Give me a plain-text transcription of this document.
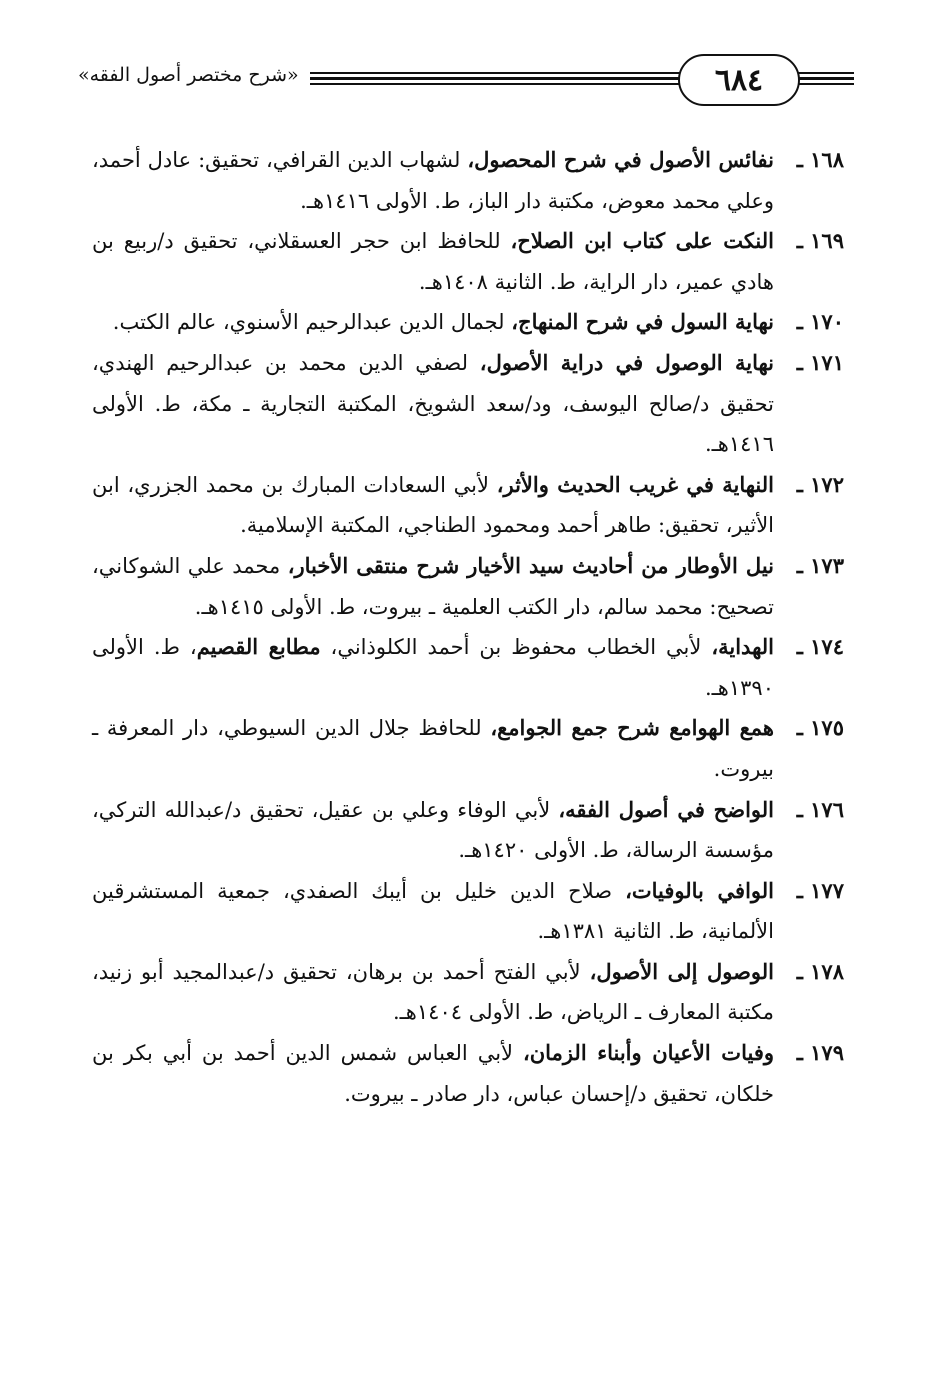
«شرح مختصر أصول الفقه»	٦٨٤
١٦٨ ـ
نفائس الأصول في شرح المحصول، لشهاب الدين القرافي، تحقيق: عادل أحمد، وعلي محمد معوض، مكتبة دار الباز، ط. الأولى ١٤١٦هـ.
١٦٩ ـ
النكت على كتاب ابن الصلاح، للحافظ ابن حجر العسقلاني، تحقيق د/ربيع بن هادي عمير، دار الراية، ط. الثانية ١٤٠٨هـ.
١٧٠ ـ
نهاية السول في شرح المنهاج، لجمال الدين عبدالرحيم الأسنوي، عالم الكتب.
١٧١ ـ
نهاية الوصول في دراية الأصول، لصفي الدين محمد بن عبدالرحيم الهندي، تحقيق د/صالح اليوسف، ود/سعد الشويخ، المكتبة التجارية ـ مكة، ط. الأولى ١٤١٦هـ.
١٧٢ ـ
النهاية في غريب الحديث والأثر، لأبي السعادات المبارك بن محمد الجزري، ابن الأثير، تحقيق: طاهر أحمد ومحمود الطناجي، المكتبة الإسلامية.
١٧٣ ـ
نيل الأوطار من أحاديث سيد الأخيار شرح منتقى الأخبار، محمد علي الشوكاني، تصحيح: محمد سالم، دار الكتب العلمية ـ بيروت، ط. الأولى ١٤١٥هـ.
١٧٤ ـ
الهداية، لأبي الخطاب محفوظ بن أحمد الكلوذاني، مطابع القصيم، ط. الأولى ١٣٩٠هـ.
١٧٥ ـ
همع الهوامع شرح جمع الجوامع، للحافظ جلال الدين السيوطي، دار المعرفة ـ بيروت.
١٧٦ ـ
الواضح في أصول الفقه، لأبي الوفاء وعلي بن عقيل، تحقيق د/عبدالله التركي، مؤسسة الرسالة، ط. الأولى ١٤٢٠هـ.
١٧٧ ـ
الوافي بالوفيات، صلاح الدين خليل بن أيبك الصفدي، جمعية المستشرقين الألمانية، ط. الثانية ١٣٨١هـ.
١٧٨ ـ
الوصول إلى الأصول، لأبي الفتح أحمد بن برهان، تحقيق د/عبدالمجيد أبو زنيد، مكتبة المعارف ـ الرياض، ط. الأولى ١٤٠٤هـ.
١٧٩ ـ
وفيات الأعيان وأبناء الزمان، لأبي العباس شمس الدين أحمد بن أبي بكر بن خلكان، تحقيق د/إحسان عباس، دار صادر ـ بيروت.
